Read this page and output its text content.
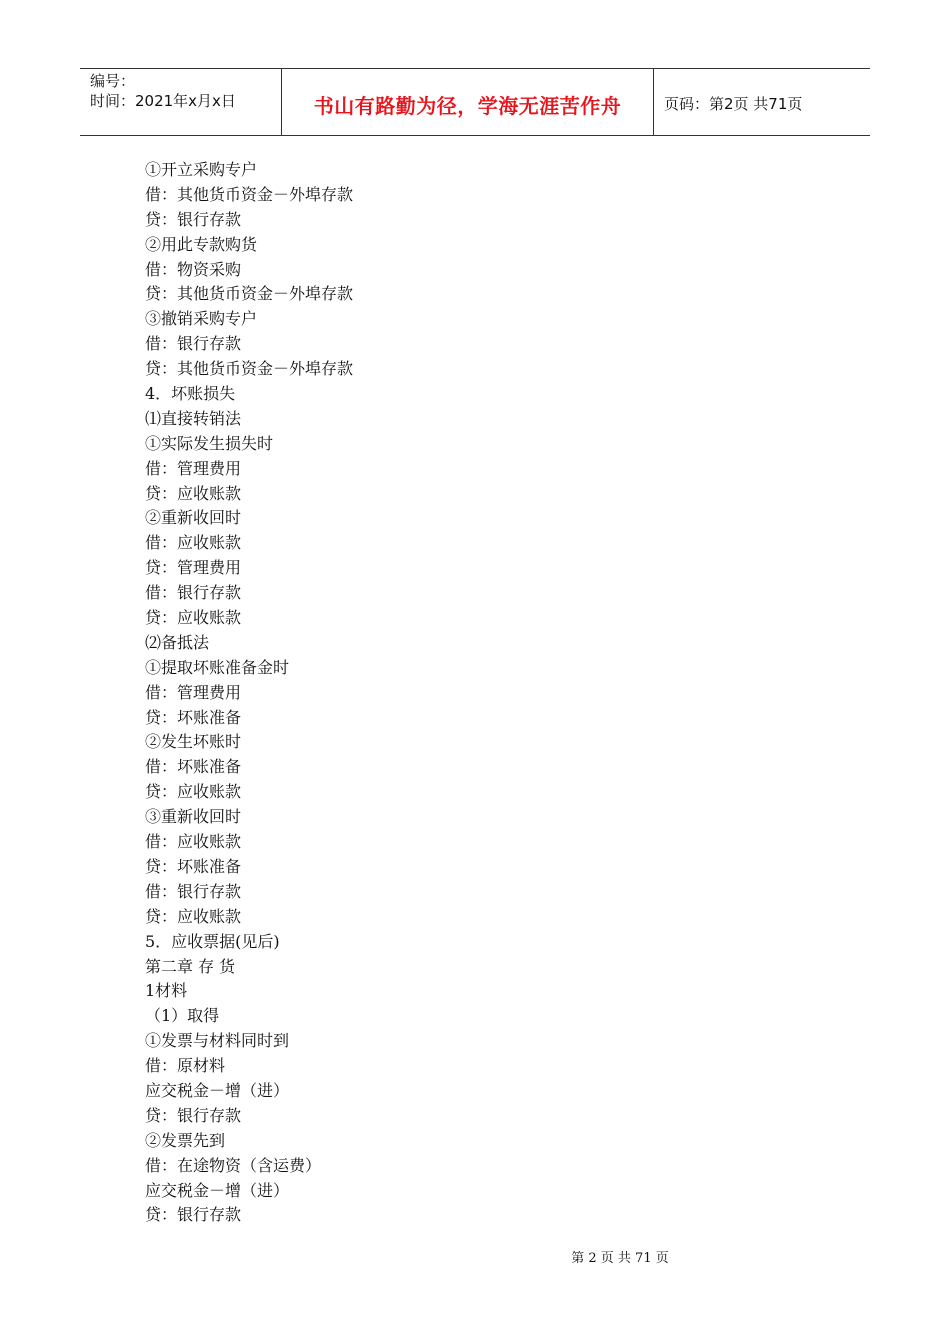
编号：
时间：2021年x月x日	书山有路勤为径，学海无涯苦作舟	页码：第2页 共71页
①开立采购专户
借：其他货币资金－外埠存款
贷：银行存款
②用此专款购货
借：物资采购
贷：其他货币资金－外埠存款
③撤销采购专户
借：银行存款
贷：其他货币资金－外埠存款
4．坏账损失
⑴直接转销法
①实际发生损失时
借：管理费用
贷：应收账款
②重新收回时
借：应收账款
贷：管理费用
借：银行存款
贷：应收账款
⑵备抵法
①提取坏账准备金时
借：管理费用
贷：坏账准备
②发生坏账时
借：坏账准备
贷：应收账款
③重新收回时
借：应收账款
贷：坏账准备
借：银行存款
贷：应收账款
5．应收票据(见后)
第二章 存 货
1材料
（1）取得
①发票与材料同时到
借：原材料
应交税金－增（进）
贷：银行存款
②发票先到
借：在途物资（含运费）
应交税金－增（进）
贷：银行存款
第 2 页 共 71 页
